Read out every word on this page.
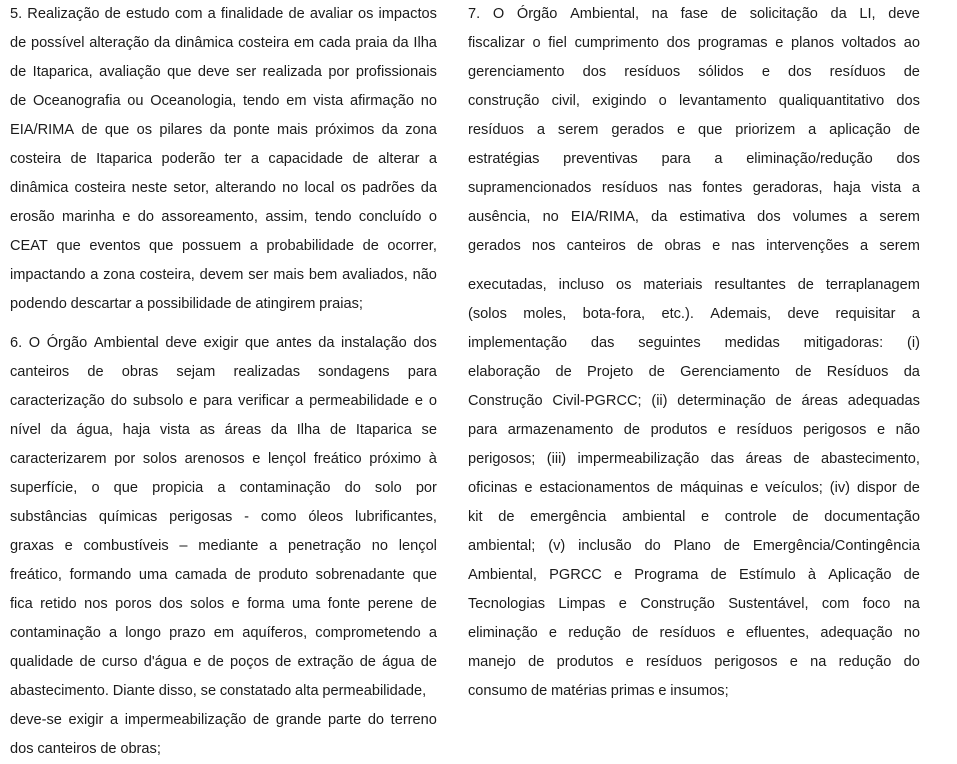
5. Realização de estudo com a finalidade de avaliar os impactos
de possível alteração da dinâmica costeira em cada praia da Ilha
de Itaparica, avaliação que deve ser realizada por profissionais
de Oceanografia ou Oceanologia, tendo em vista afirmação no
EIA/RIMA de que os pilares da ponte mais próximos da zona
costeira de Itaparica poderão ter a capacidade de alterar a
dinâmica costeira neste setor, alterando no local os padrões da
erosão marinha e do assoreamento, assim, tendo concluído o
CEAT que eventos que possuem a probabilidade de ocorrer,
impactando a zona costeira, devem ser mais bem avaliados, não
podendo descartar a possibilidade de atingirem praias;
6. O Órgão Ambiental deve exigir que antes da instalação dos
canteiros de obras sejam realizadas sondagens para
caracterização do subsolo e para verificar a permeabilidade e o
nível da água, haja vista as áreas da Ilha de Itaparica se
caracterizarem por solos arenosos e lençol freático próximo à
superfície, o que propicia a contaminação do solo por
substâncias químicas perigosas - como óleos lubrificantes,
graxas e combustíveis – mediante a penetração no lençol
freático, formando uma camada de produto sobrenadante que
fica retido nos poros dos solos e forma uma fonte perene de
contaminação a longo prazo em aquíferos, comprometendo a
qualidade de curso d'água e de poços de extração de água de
abastecimento. Diante disso, se constatado alta permeabilidade,
deve-se exigir a impermeabilização de grande parte do terreno
dos canteiros de obras;
7. O Órgão Ambiental, na fase de solicitação da LI, deve
fiscalizar o fiel cumprimento dos programas e planos voltados ao
gerenciamento dos resíduos sólidos e dos resíduos de
construção civil, exigindo o levantamento qualiquantitativo dos
resíduos a serem gerados e que priorizem a aplicação de
estratégias preventivas para a eliminação/redução dos
supramencionados resíduos nas fontes geradoras, haja vista a
ausência, no EIA/RIMA, da estimativa dos volumes a serem
gerados nos canteiros de obras e nas intervenções a serem
executadas, incluso os materiais resultantes de terraplanagem
(solos moles, bota-fora, etc.). Ademais, deve requisitar a
implementação das seguintes medidas mitigadoras: (i)
elaboração de Projeto de Gerenciamento de Resíduos da
Construção Civil-PGRCC; (ii) determinação de áreas adequadas
para armazenamento de produtos e resíduos perigosos e não
perigosos; (iii) impermeabilização das áreas de abastecimento,
oficinas e estacionamentos de máquinas e veículos; (iv) dispor de
kit de emergência ambiental e controle de documentação
ambiental; (v) inclusão do Plano de Emergência/Contingência
Ambiental, PGRCC e Programa de Estímulo à Aplicação de
Tecnologias Limpas e Construção Sustentável, com foco na
eliminação e redução de resíduos e efluentes, adequação no
manejo de produtos e resíduos perigosos e na redução do
consumo de matérias primas e insumos;
